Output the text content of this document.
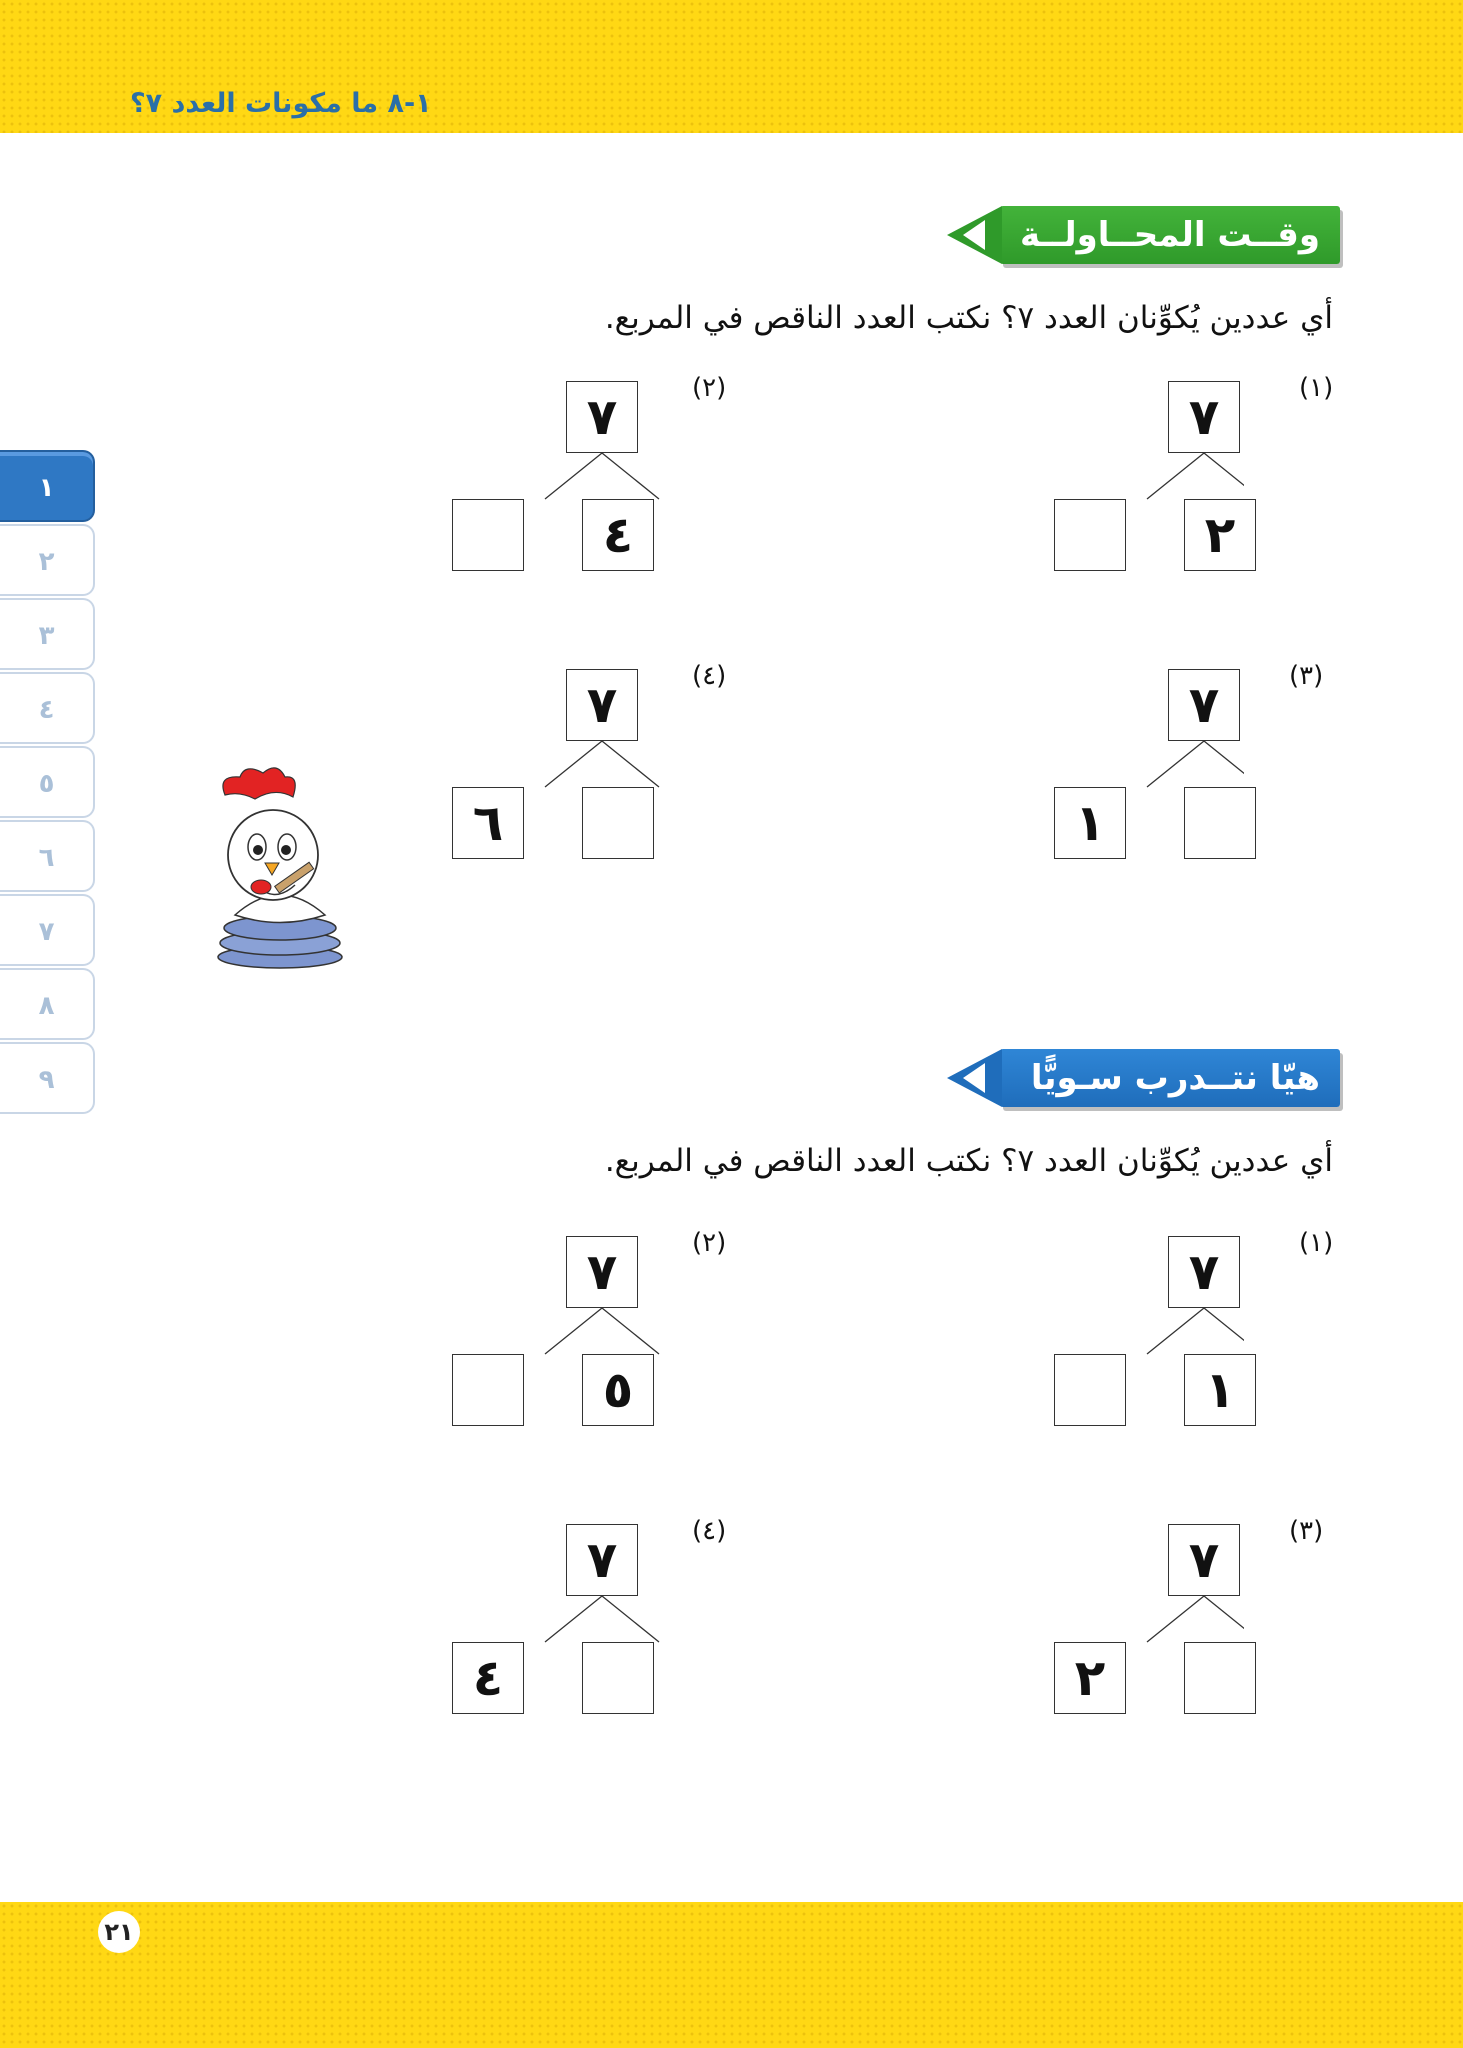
١-٨ ما مكونات العدد ٧؟
١
٢
٣
٤
٥
٦
٧
٨
٩
وقــت المحــاولــة
أي عددين يُكوِّنان العدد ٧؟ نكتب العدد الناقص في المربع.
٧
٢
(١)
٧
٤
(٢)
٧
١
(٣)
٧
٦
(٤)
هيّا نتــدرب سـويًّا
أي عددين يُكوِّنان العدد ٧؟ نكتب العدد الناقص في المربع.
٧
١
(١)
٧
٥
(٢)
٧
٢
(٣)
٧
٤
(٤)
٢١
